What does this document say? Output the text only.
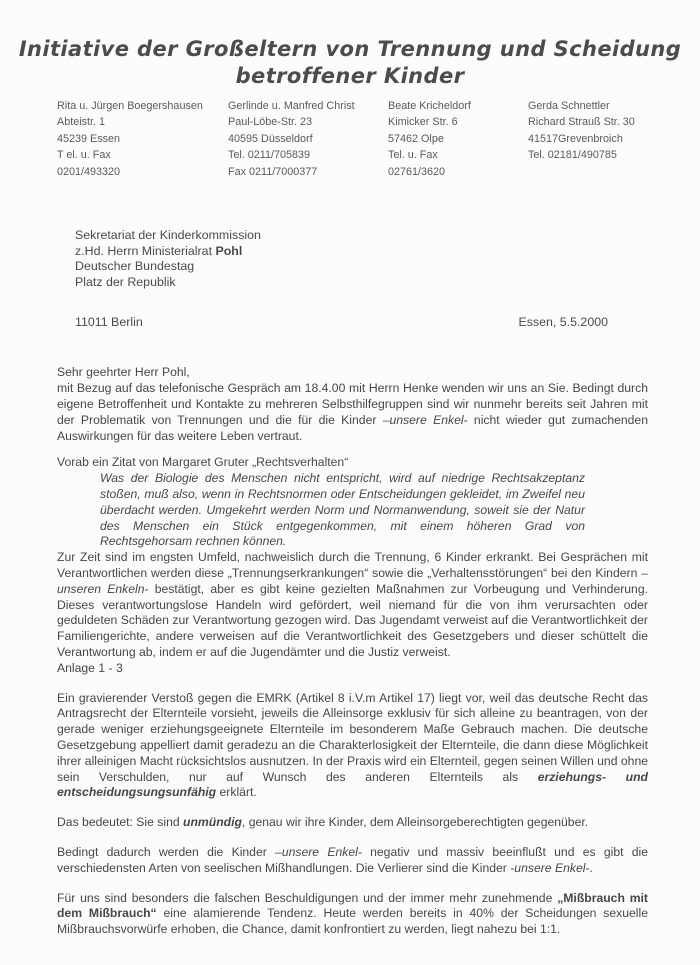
Initiative der Großeltern von Trennung und Scheidung
betroffener Kinder
Rita u. Jürgen Boegershausen
Abteistr. 1
45239 Essen
T el. u. Fax
0201/493320
Gerlinde u. Manfred Christ
Paul-Löbe-Str. 23
40595 Düsseldorf
Tel. 0211/705839
Fax 0211/7000377
Beate Kricheldorf
Kimicker Str. 6
57462 Olpe
Tel. u. Fax
02761/3620
Gerda Schnettler
Richard Strauß Str. 30
41517Grevenbroich
Tel. 02181/490785
Sekretariat der Kinderkommission
z.Hd. Herrn Ministerialrat Pohl
Deutscher Bundestag
Platz der Republik
11011 Berlin	Essen, 5.5.2000
Sehr geehrter Herr Pohl,
mit Bezug auf das telefonische Gespräch am 18.4.00 mit Herrn Henke wenden wir uns an Sie. Bedingt durch eigene Betroffenheit und Kontakte zu mehreren Selbsthilfegruppen sind wir nunmehr bereits seit Jahren mit der Problematik von Trennungen und die für die Kinder –unsere Enkel- nicht wieder gut zumachenden Auswirkungen für das weitere Leben vertraut.
Vorab ein Zitat von Margaret Gruter „Rechtsverhalten“
Was der Biologie des Menschen nicht entspricht, wird auf niedrige Rechtsakzeptanz stoßen, muß also, wenn in Rechtsnormen oder Entscheidungen gekleidet, im Zweifel neu überdacht werden. Umgekehrt werden Norm und Normanwendung, soweit sie der Natur des Menschen ein Stück entgegenkommen, mit einem höheren Grad von Rechtsgehorsam rechnen können.
Zur Zeit sind im engsten Umfeld, nachweislich durch die Trennung, 6 Kinder erkrankt. Bei Gesprächen mit Verantwortlichen werden diese „Trennungserkrankungen“ sowie die „Verhaltensstörungen“ bei den Kindern –unseren Enkeln- bestätigt, aber es gibt keine gezielten Maßnahmen zur Vorbeugung und Verhinderung. Dieses verantwortungslose Handeln wird gefördert, weil niemand für die von ihm verursachten oder geduldeten Schäden zur Verantwortung gezogen wird. Das Jugendamt verweist auf die Verantwortlichkeit der Familiengerichte, andere verweisen auf die Verantwortlichkeit des Gesetzgebers und dieser schüttelt die Verantwortung ab, indem er auf die Jugendämter und die Justiz verweist.
Anlage 1 - 3
Ein gravierender Verstoß gegen die EMRK (Artikel 8 i.V.m Artikel 17) liegt vor, weil das deutsche Recht das Antragsrecht der Elternteile vorsieht, jeweils die Alleinsorge exklusiv für sich alleine zu beantragen, von der gerade weniger erziehungsgeeignete Elternteile im besonderem Maße Gebrauch machen. Die deutsche Gesetzgebung appelliert damit geradezu an die Charakterlosigkeit der Elternteile, die dann diese Möglichkeit ihrer alleinigen Macht rücksichtslos ausnutzen. In der Praxis wird ein Elternteil, gegen seinen Willen und ohne sein Verschulden, nur auf Wunsch des anderen Elternteils als erziehungs- und entscheidungsungsunfähig erklärt.
Das bedeutet: Sie sind unmündig, genau wir ihre Kinder, dem Alleinsorgeberechtigten gegenüber.
Bedingt dadurch werden die Kinder –unsere Enkel- negativ und massiv beeinflußt und es gibt die verschiedensten Arten von seelischen Mißhandlungen. Die Verlierer sind die Kinder -unsere Enkel-.
Für uns sind besonders die falschen Beschuldigungen und der immer mehr zunehmende „Mißbrauch mit dem Mißbrauch“ eine alamierende Tendenz. Heute werden bereits in 40% der Scheidungen sexuelle Mißbrauchsvorwürfe erhoben, die Chance, damit konfrontiert zu werden, liegt nahezu bei 1:1.
